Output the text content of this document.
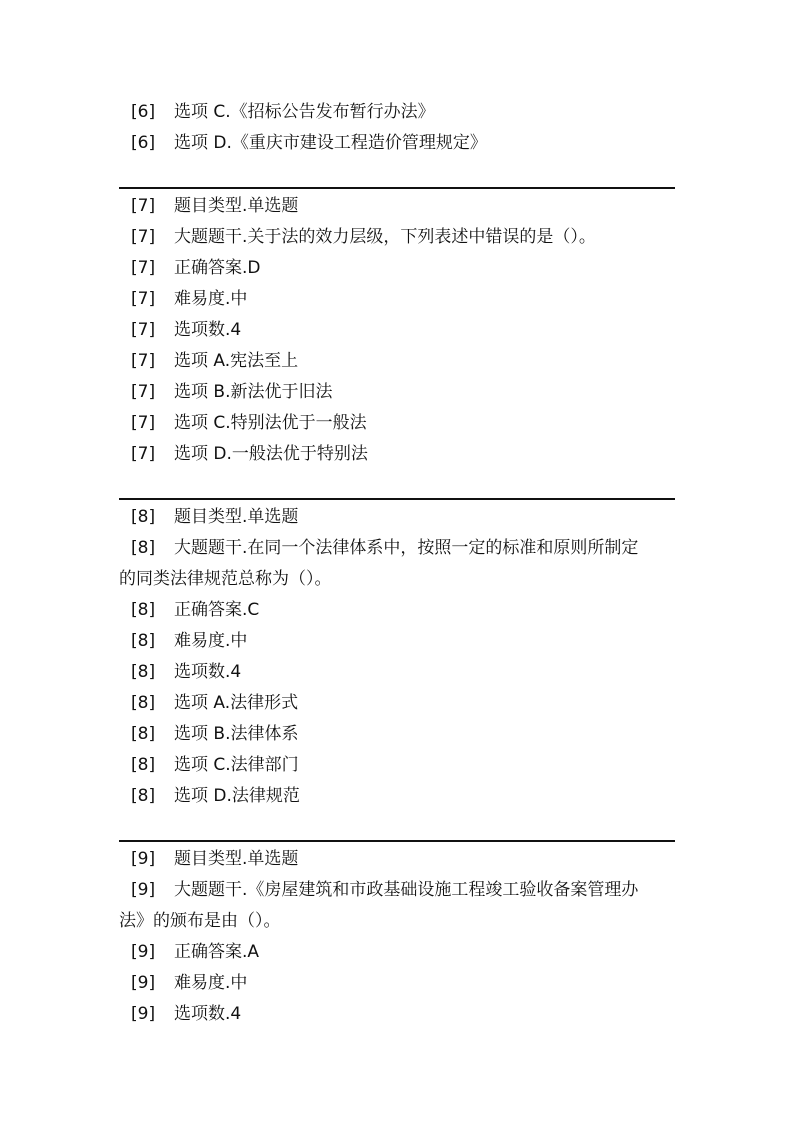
[6] 选项 C.《招标公告发布暂行办法》
[6] 选项 D.《重庆市建设工程造价管理规定》
[7] 题目类型.单选题
[7] 大题题干.关于法的效力层级，下列表述中错误的是（）。
[7] 正确答案.D
[7] 难易度.中
[7] 选项数.4
[7] 选项 A.宪法至上
[7] 选项 B.新法优于旧法
[7] 选项 C.特别法优于一般法
[7] 选项 D.一般法优于特别法
[8] 题目类型.单选题
[8] 大题题干.在同一个法律体系中，按照一定的标准和原则所制定
的同类法律规范总称为（）。
[8] 正确答案.C
[8] 难易度.中
[8] 选项数.4
[8] 选项 A.法律形式
[8] 选项 B.法律体系
[8] 选项 C.法律部门
[8] 选项 D.法律规范
[9] 题目类型.单选题
[9] 大题题干.《房屋建筑和市政基础设施工程竣工验收备案管理办
法》的颁布是由（）。
[9] 正确答案.A
[9] 难易度.中
[9] 选项数.4
